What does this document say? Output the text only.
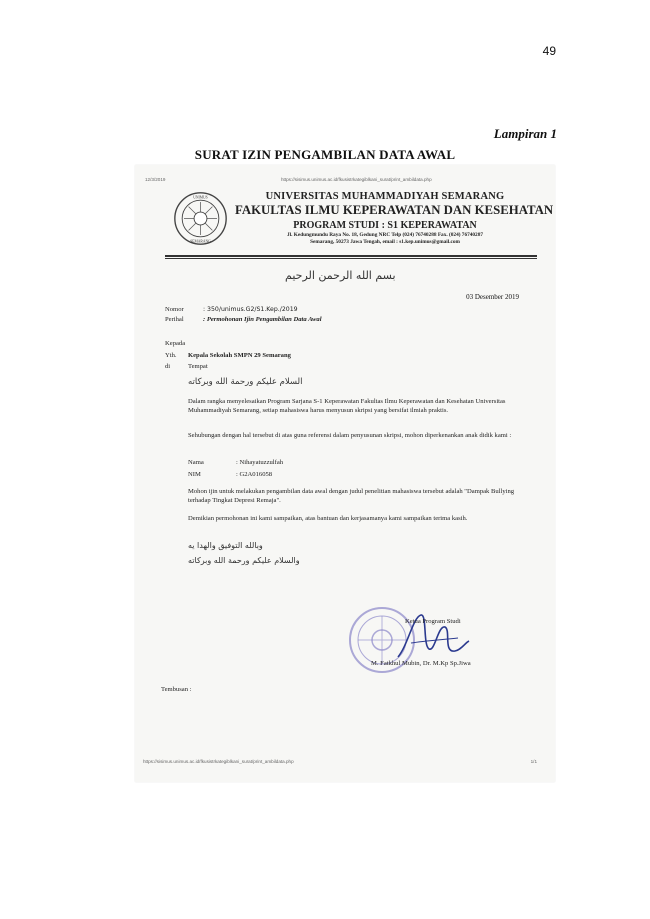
49
Lampiran 1
SURAT IZIN PENGAMBILAN DATA AWAL
12/3/2019	https://sisimus.unimus.ac.id/fkusistrkategiblkani_surat/print_ambildata.php
UNIMUS
SEMARANG
UNIVERSITAS MUHAMMADIYAH SEMARANG
FAKULTAS ILMU KEPERAWATAN DAN KESEHATAN
PROGRAM STUDI : S1 KEPERAWATAN
Jl. Kedungmundu Raya No. 18, Gedung NRC Telp (024) 76740288 Fax. (024) 76740287
Semarang, 50273 Jawa Tengah, email : s1.kep.unimus@gmail.com
بسم الله الرحمن الرحيم
03 Desember 2019
Nomor	: 350/unimus.G2/S1.Kep./2019
Perihal	: Permohonan Ijin Pengambilan Data Awal
Kepada
Yth. Kepala Sekolah SMPN 29 Semarang
di	Tempat
السلام عليكم ورحمة الله وبركاته
Dalam rangka menyelesaikan Program Sarjana S-1 Keperawatan Fakultas Ilmu Keperawatan dan Kesehatan Universitas Muhammadiyah Semarang, setiap mahasiswa harus menyusun skripsi yang bersifat ilmiah praktis.
Sehubungan dengan hal tersebut di atas guna referensi dalam penyusunan skripsi, mohon diperkenankan anak didik kami :
Nama	: Nihayatuzzulfah
NIM	: G2A016058
Mohon ijin untuk melakukan pengambilan data awal dengan judul penelitian mahasiswa tersebut adalah "Dampak Bullying terhadap Tingkat Depresi Remaja".
Demikian permohonan ini kami sampaikan, atas bantuan dan kerjasamanya kami sampaikan terima kasih.
وبالله التوفيق والهدا يه
والسلام عليكم ورحمة الله وبركاته
Ketua Program Studi
M. Fatkhul Mubin, Dr. M.Kp Sp.Jiwa
Tembusan :
https://sisimus.unimus.ac.id/fkusistrkategiblkani_surat/print_ambildata.php	1/1
